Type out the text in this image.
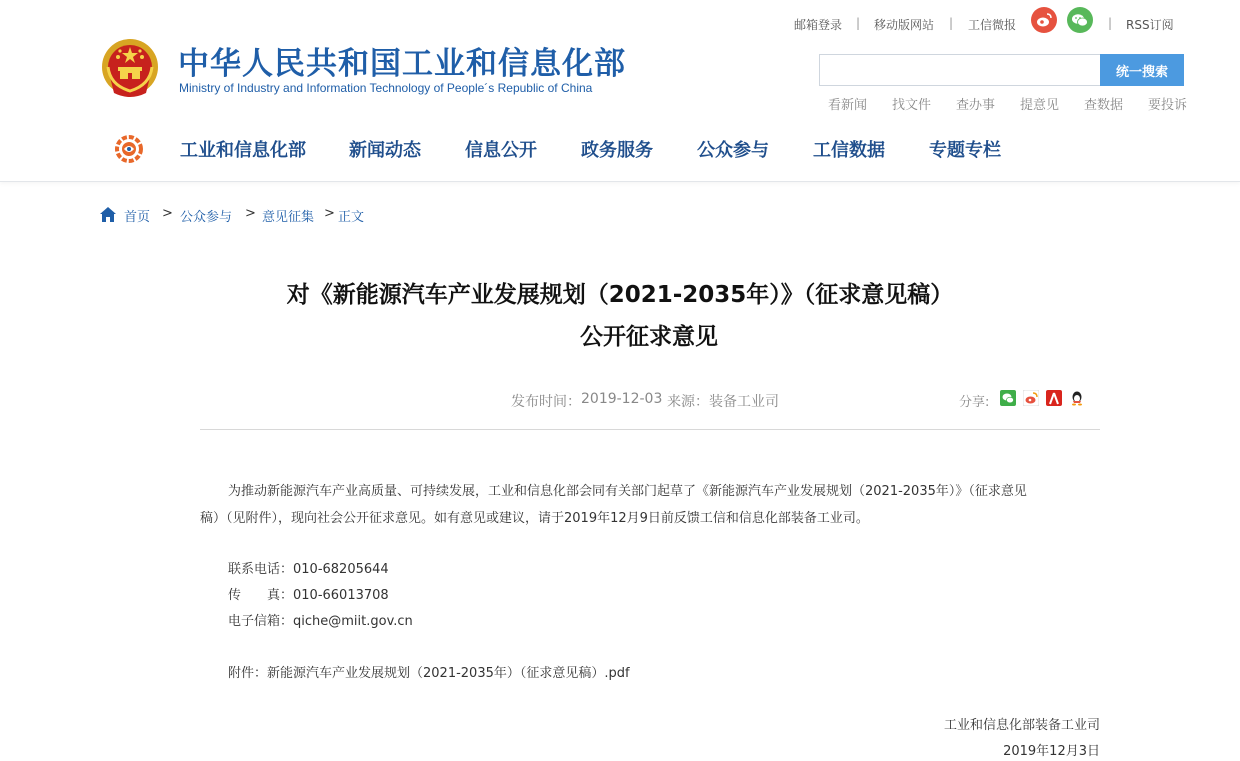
中华人民共和国工业和信息化部
Ministry of Industry and Information Technology of People´s Republic of China
邮箱登录 | 移动版网站 | 工信微报	| RSS订阅
统一搜索
看新闻 找文件 查办事 提意见 查数据 要投诉
工业和信息化部 新闻动态 信息公开 政务服务 公众参与 工信数据 专题专栏
首页 > 公众参与 > 意见征集 > 正文
对《新能源汽车产业发展规划（2021-2035年）》（征求意见稿）
公开征求意见
发布时间： 2019-12-03 来源： 装备工业司	分享:
为推动新能源汽车产业高质量、可持续发展，工业和信息化部会同有关部门起草了《新能源汽车产业发展规划（2021-2035年）》（征求意见
稿）（见附件），现向社会公开征求意见。如有意见或建议，请于2019年12月9日前反馈工信和信息化部装备工业司。
联系电话：010-68205644
传　　真：010-66013708
电子信箱：qiche@miit.gov.cn
附件：新能源汽车产业发展规划（2021-2035年）（征求意见稿）.pdf
工业和信息化部装备工业司
2019年12月3日
